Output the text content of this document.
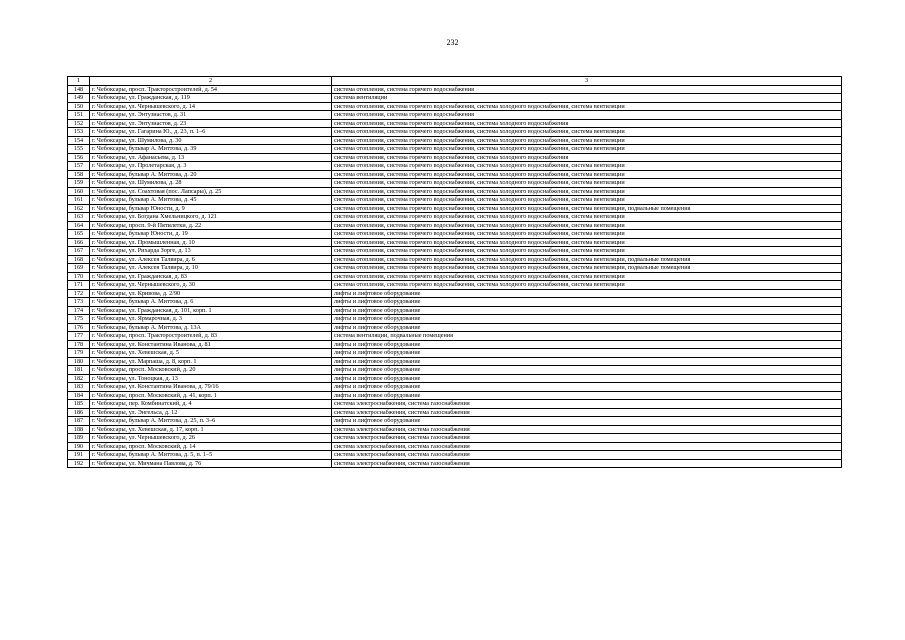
232
1	2	3
148	г. Чебоксары, просп. Тракторостроителей, д. 54	система отопления, система горячего водоснабжения
149	г. Чебоксары, ул. Гражданская, д. 119	система вентиляции
150	г. Чебоксары, ул. Чернышевского, д. 14	система отопления, система горячего водоснабжения, система холодного водоснабжения, система вентиляции
151	г. Чебоксары, ул. Энтузиастов, д. 31	система отопления, система горячего водоснабжения
152	г. Чебоксары, ул. Энтузиастов, д. 23	система отопления, система горячего водоснабжения, система холодного водоснабжения
153	г. Чебоксары, ул. Гагарина Ю., д. 23, п. 1–6	система отопления, система горячего водоснабжения, система холодного водоснабжения, система вентиляции
154	г. Чебоксары, ул. Шумилова, д. 30	система отопления, система горячего водоснабжения, система холодного водоснабжения, система вентиляции
155	г. Чебоксары, бульвар А. Миттова, д. 39	система отопления, система горячего водоснабжения, система холодного водоснабжения, система вентиляции
156	г. Чебоксары, ул. Афанасьева, д. 13	система отопления, система горячего водоснабжения, система холодного водоснабжения
157	г. Чебоксары, ул. Пролетарская, д. 3	система отопления, система горячего водоснабжения, система холодного водоснабжения, система вентиляции
158	г. Чебоксары, бульвар А. Миттова, д. 20	система отопления, система горячего водоснабжения, система холодного водоснабжения, система вентиляции
159	г. Чебоксары, ул. Шумилова, д. 28	система отопления, система горячего водоснабжения, система холодного водоснабжения, система вентиляции
160	г. Чебоксары, ул. Соахтовая (пос. Лапсары), д. 25	система отопления, система горячего водоснабжения, система холодного водоснабжения, система вентиляции
161	г. Чебоксары, бульвар А. Миттова, д. 45	система отопления, система горячего водоснабжения, система холодного водоснабжения, система вентиляции
162	г. Чебоксары, бульвар Юности, д. 9	система отопления, система горячего водоснабжения, система холодного водоснабжения, система вентиляции, подвальные помещения
163	г. Чебоксары, ул. Богдана Хмельницкого, д. 121	система отопления, система горячего водоснабжения, система холодного водоснабжения, система вентиляции
164	г. Чебоксары, просп. 9-й Пятилетки, д. 22	система отопления, система горячего водоснабжения, система холодного водоснабжения, система вентиляции
165	г. Чебоксары, бульвар Юности, д. 19	система отопления, система горячего водоснабжения, система холодного водоснабжения, система вентиляции
166	г. Чебоксары, ул. Промышленная, д. 10	система отопления, система горячего водоснабжения, система холодного водоснабжения, система вентиляции
167	г. Чебоксары, ул. Рихарда Зорге, д. 13	система отопления, система горячего водоснабжения, система холодного водоснабжения, система вентиляции
168	г. Чебоксары, ул. Алексея Талвира, д. 6	система отопления, система горячего водоснабжения, система холодного водоснабжения, система вентиляции, подвальные помещения
169	г. Чебоксары, ул. Алексея Талвира, д. 10	система отопления, система горячего водоснабжения, система холодного водоснабжения, система вентиляции, подвальные помещения
170	г. Чебоксары, ул. Гражданская, д. 83	система отопления, система горячего водоснабжения, система холодного водоснабжения, система вентиляции
171	г. Чебоксары, ул. Чернышевского, д. 30	система отопления, система горячего водоснабжения, система холодного водоснабжения, система вентиляции
172	г. Чебоксары, ул. Кривова, д. 2/90	лифты и лифтовое оборудование
173	г. Чебоксары, бульвар А. Миттова, д. 6	лифты и лифтовое оборудование
174	г. Чебоксары, ул. Гражданская, д. 101, корп. 1	лифты и лифтовое оборудование
175	г. Чебоксары, ул. Ярмарочная, д. 3	лифты и лифтовое оборудование
176	г. Чебоксары, бульвар А. Миттова, д. 13А	лифты и лифтовое оборудование
177	г. Чебоксары, просп. Тракторостроителей, д. 83	система вентиляции, подвальные помещения
178	г. Чебоксары, ул. Константина Иванова, д. 81	лифты и лифтовое оборудование
179	г. Чебоксары, ул. Хевешская, д. 5	лифты и лифтовое оборудование
180	г. Чебоксары, ул. Марпаша, д. 8, корп. 1	лифты и лифтовое оборудование
181	г. Чебоксары, просп. Московский, д. 20	лифты и лифтовое оборудование
182	г. Чебоксары, ул. Тоноцкая, д. 13	лифты и лифтовое оборудование
183	г. Чебоксары, ул. Константина Иванова, д. 79/16	лифты и лифтовое оборудование
184	г. Чебоксары, просп. Московский, д. 41, корп. 1	лифты и лифтовое оборудование
185	г. Чебоксары, пер. Комбинатский, д. 4	система электроснабжения, система газоснабжения
186	г. Чебоксары, ул. Энгельса, д. 12	система электроснабжения, система газоснабжения
187	г. Чебоксары, бульвар А. Миттова, д. 25, п. 3–6	лифты и лифтовое оборудование
188	г. Чебоксары, ул. Хевешская, д. 17, корп. 1	система электроснабжения, система газоснабжения
189	г. Чебоксары, ул. Чернышевского, д. 26	система электроснабжения, система газоснабжения
190	г. Чебоксары, просп. Московский, д. 14	система электроснабжения, система газоснабжения
191	г. Чебоксары, бульвар А. Миттова, д. 5, п. 1–5	система электроснабжения, система газоснабжения
192	г. Чебоксары, ул. Мичмана Павлова, д. 76	система электроснабжения, система газоснабжения
